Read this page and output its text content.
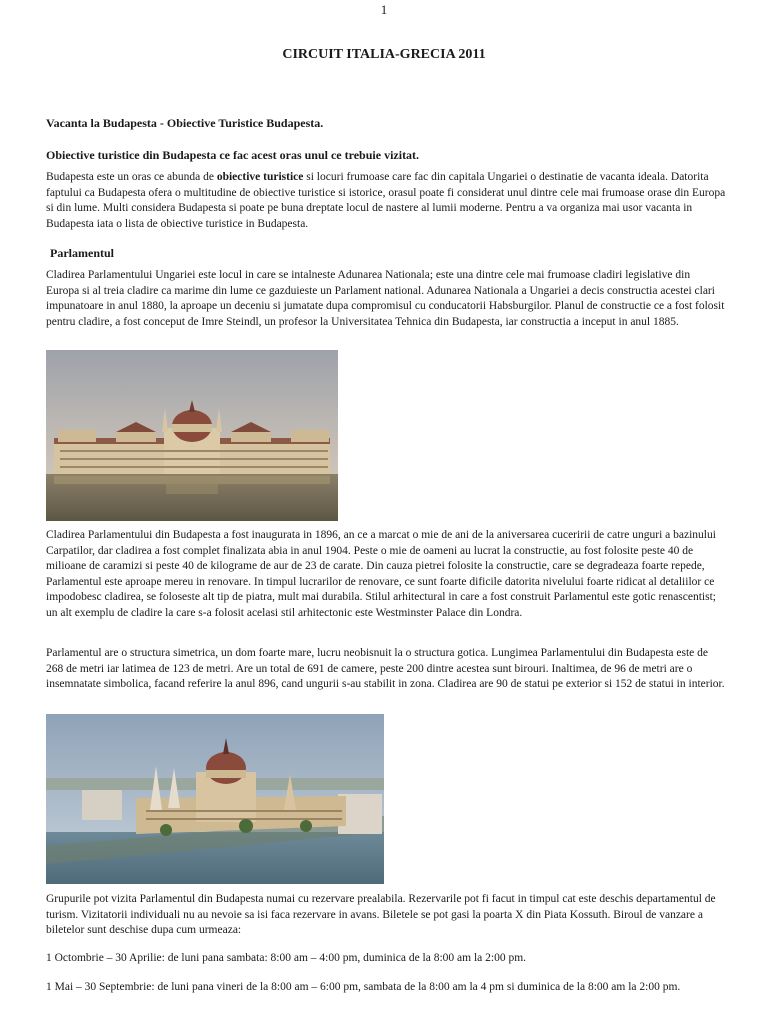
1
CIRCUIT ITALIA-GRECIA 2011

Vacanta la Budapesta - Obiective Turistice Budapesta.

Obiective turistice din Budapesta ce fac acest oras unul ce trebuie vizitat.

Budapesta este un oras ce abunda de obiective turistice si locuri frumoase care fac din capitala Ungariei o destinatie de vacanta ideala. Datorita faptului ca Budapesta ofera o multitudine de obiective turistice si istorice, orasul poate fi considerat unul dintre cele mai frumoase orase din Europa si din lume. Multi considera Budapesta si poate pe buna dreptate locul de nastere al lumii moderne. Pentru a va organiza mai usor vacanta in Budapesta iata o lista de obiective turistice in Budapesta.

Parlamentul

Cladirea Parlamentului Ungariei este locul in care se intalneste Adunarea Nationala; este una dintre cele mai frumoase cladiri legislative din Europa si al treia cladire ca marime din lume ce gazduieste un Parlament national. Adunarea Nationala a Ungariei a decis constructia acestei clari impunatoare in anul 1880, la aproape un deceniu si jumatate dupa compromisul cu conducatorii Habsburgilor. Planul de constructie ce a fost folosit pentru cladire, a fost conceput de Imre Steindl, un profesor la Universitatea Tehnica din Budapesta, iar constructia a inceput in anul 1885.

Cladirea Parlamentului din Budapesta a fost inaugurata in 1896, an ce a marcat o mie de ani de la aniversarea cuceririi de catre unguri a bazinului Carpatilor, dar cladirea a fost complet finalizata abia in anul 1904. Peste o mie de oameni au lucrat la constructie, au fost folosite peste 40 de milioane de caramizi si peste 40 de kilograme de aur de 23 de carate. Din cauza pietrei folosite la constructie, care se degradeaza foarte repede, Parlamentul este aproape mereu in renovare. In timpul lucrarilor de renovare, ce sunt foarte dificile datorita nivelului foarte ridicat al detaliilor ce impodobesc cladirea, se foloseste alt tip de piatra, mult mai durabila. Stilul arhitectural in care a fost construit Parlamentul este gotic renascentist; un alt exemplu de cladire la care s-a folosit acelasi stil arhitectonic este Westminster Palace din Londra.

Parlamentul are o structura simetrica, un dom foarte mare, lucru neobisnuit la o structura gotica. Lungimea Parlamentului din Budapesta este de 268 de metri iar latimea de 123 de metri. Are un total de 691 de camere, peste 200 dintre acestea sunt birouri. Inaltimea, de 96 de metri are o insemnatate simbolica, facand referire la anul 896, cand ungurii s-au stabilit in zona. Cladirea are 90 de statui pe exterior si 152 de statui in interior.

Grupurile pot vizita Parlamentul din Budapesta numai cu rezervare prealabila. Rezervarile pot fi facut in timpul cat este deschis departamentul de turism. Vizitatorii individuali nu au nevoie sa isi faca rezervare in avans. Biletele se pot gasi la poarta X din Piata Kossuth. Biroul de vanzare a biletelor sunt deschise dupa cum urmeaza:

1 Octombrie – 30 Aprilie: de luni pana sambata: 8:00 am – 4:00 pm, duminica de la 8:00 am la 2:00 pm.

1 Mai – 30 Septembrie: de luni pana vineri de la 8:00 am – 6:00 pm, sambata de la 8:00 am la 4 pm si duminica de la 8:00 am la 2:00 pm.
